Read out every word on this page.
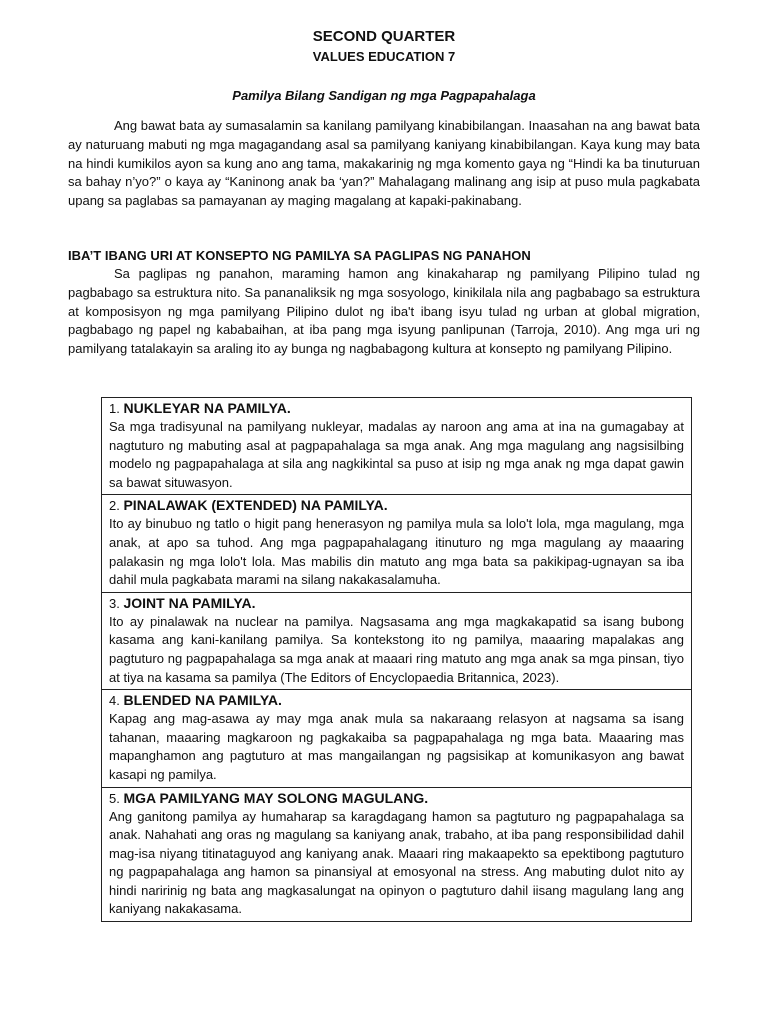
SECOND QUARTER
VALUES EDUCATION 7
Pamilya Bilang Sandigan ng mga Pagpapahalaga

Ang bawat bata ay sumasalamin sa kanilang pamilyang kinabibilangan. Inaasahan na ang bawat bata ay naturuang mabuti ng mga magagandang asal sa pamilyang kaniyang kinabibilangan. Kaya kung may bata na hindi kumikilos ayon sa kung ano ang tama, makakarinig ng mga komento gaya ng “Hindi ka ba tinuturuan sa bahay n’yo?” o kaya ay “Kaninong anak ba ‘yan?” Mahalagang malinang ang isip at puso mula pagkabata upang sa paglabas sa pamayanan ay maging magalang at kapaki-pakinabang.

IBA’T IBANG URI AT KONSEPTO NG PAMILYA SA PAGLIPAS NG PANAHON

Sa paglipas ng panahon, maraming hamon ang kinakaharap ng pamilyang Pilipino tulad ng pagbabago sa estruktura nito. Sa pananaliksik ng mga sosyologo, kinikilala nila ang pagbabago sa estruktura at komposisyon ng mga pamilyang Pilipino dulot ng iba't ibang isyu tulad ng urban at global migration, pagbabago ng papel ng kababaihan, at iba pang mga isyung panlipunan (Tarroja, 2010). Ang mga uri ng pamilyang tatalakayin sa araling ito ay bunga ng nagbabagong kultura at konsepto ng pamilyang Pilipino.

1. NUKLEYAR NA PAMILYA.

Sa mga tradisyunal na pamilyang nukleyar, madalas ay naroon ang ama at ina na gumagabay at nagtuturo ng mabuting asal at pagpapahalaga sa mga anak. Ang mga magulang ang nagsisilbing modelo ng pagpapahalaga at sila ang nagkikintal sa puso at isip ng mga anak ng mga dapat gawin sa bawat situwasyon.

2. PINALAWAK (EXTENDED) NA PAMILYA.

Ito ay binubuo ng tatlo o higit pang henerasyon ng pamilya mula sa lolo't lola, mga magulang, mga anak, at apo sa tuhod. Ang mga pagpapahalagang itinuturo ng mga magulang ay maaaring palakasin ng mga lolo't lola. Mas mabilis din matuto ang mga bata sa pakikipag-ugnayan sa iba dahil mula pagkabata marami na silang nakakasalamuha.

3. JOINT NA PAMILYA.

Ito ay pinalawak na nuclear na pamilya. Nagsasama ang mga magkakapatid sa isang bubong kasama ang kani-kanilang pamilya. Sa kontekstong ito ng pamilya, maaaring mapalakas ang pagtuturo ng pagpapahalaga sa mga anak at maaari ring matuto ang mga anak sa mga pinsan, tiyo at tiya na kasama sa pamilya (The Editors of Encyclopaedia Britannica, 2023).

4. BLENDED NA PAMILYA.

Kapag ang mag-asawa ay may mga anak mula sa nakaraang relasyon at nagsama sa isang tahanan, maaaring magkaroon ng pagkakaiba sa pagpapahalaga ng mga bata. Maaaring mas mapanghamon ang pagtuturo at mas mangailangan ng pagsisikap at komunikasyon ang bawat kasapi ng pamilya.

5. MGA PAMILYANG MAY SOLONG MAGULANG.

Ang ganitong pamilya ay humaharap sa karagdagang hamon sa pagtuturo ng pagpapahalaga sa anak. Nahahati ang oras ng magulang sa kaniyang anak, trabaho, at iba pang responsibilidad dahil mag-isa niyang titinataguyod ang kaniyang anak. Maaari ring makaapekto sa epektibong pagtuturo ng pagpapahalaga ang hamon sa pinansiyal at emosyonal na stress. Ang mabuting dulot nito ay hindi naririnig ng bata ang magkasalungat na opinyon o pagtuturo dahil iisang magulang lang ang kaniyang nakakasama.
